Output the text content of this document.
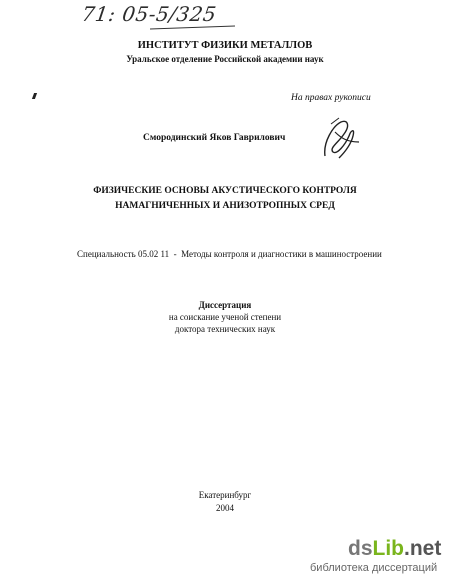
71: 05-5/325
ИНСТИТУТ ФИЗИКИ МЕТАЛЛОВ
Уральское отделение Российской академии наук
На правах рукописи
Смородинский Яков Гаврилович
ФИЗИЧЕСКИЕ ОСНОВЫ АКУСТИЧЕСКОГО КОНТРОЛЯ
НАМАГНИЧЕННЫХ И АНИЗОТРОПНЫХ СРЕД
Специальность 05.02 11  -  Методы контроля и диагностики в машиностроении
Диссертация
на соискание ученой степени
доктора технических наук
Екатеринбург
2004
dsLib.net
библиотека диссертаций
